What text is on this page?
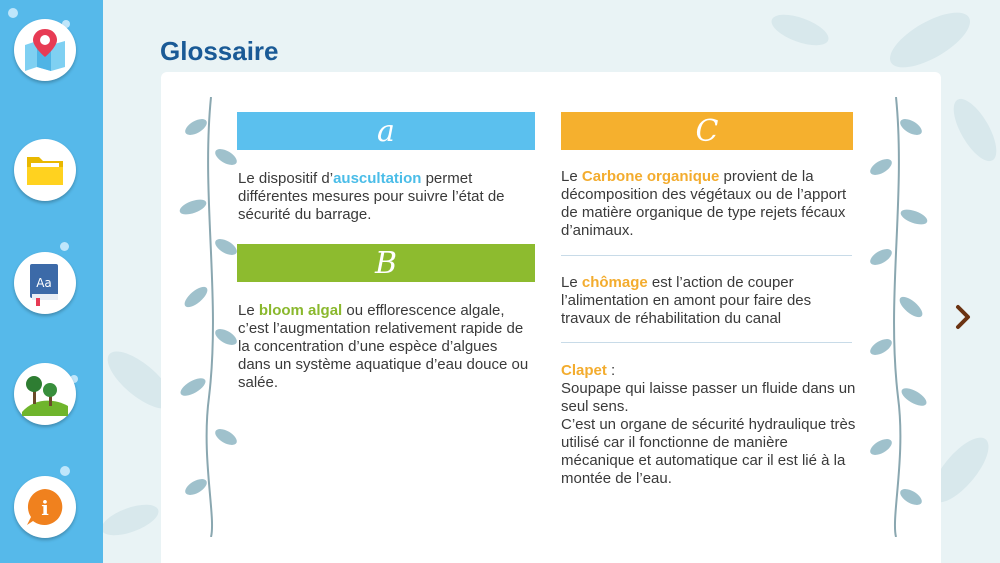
Aa
i
Glossaire
a

Le dispositif d’auscultation permet différentes mesures pour suivre l’état de sécurité du barrage.

B

Le bloom algal ou efflorescence algale, c’est l’augmentation relativement rapide de la concentration d’une espèce d’algues dans un système aquatique d’eau douce ou salée.

C

Le Carbone organique provient de la décomposition des végétaux ou de l’apport de matière organique de type rejets fécaux d’animaux.

Le chômage est l’action de couper l’alimentation en amont pour faire des travaux de réhabilitation du canal

Clapet :
Soupape qui laisse passer un fluide dans un seul sens.
C’est un organe de sécurité hydraulique très utilisé car il fonctionne de manière mécanique et automatique car il est lié à la montée de l’eau.
